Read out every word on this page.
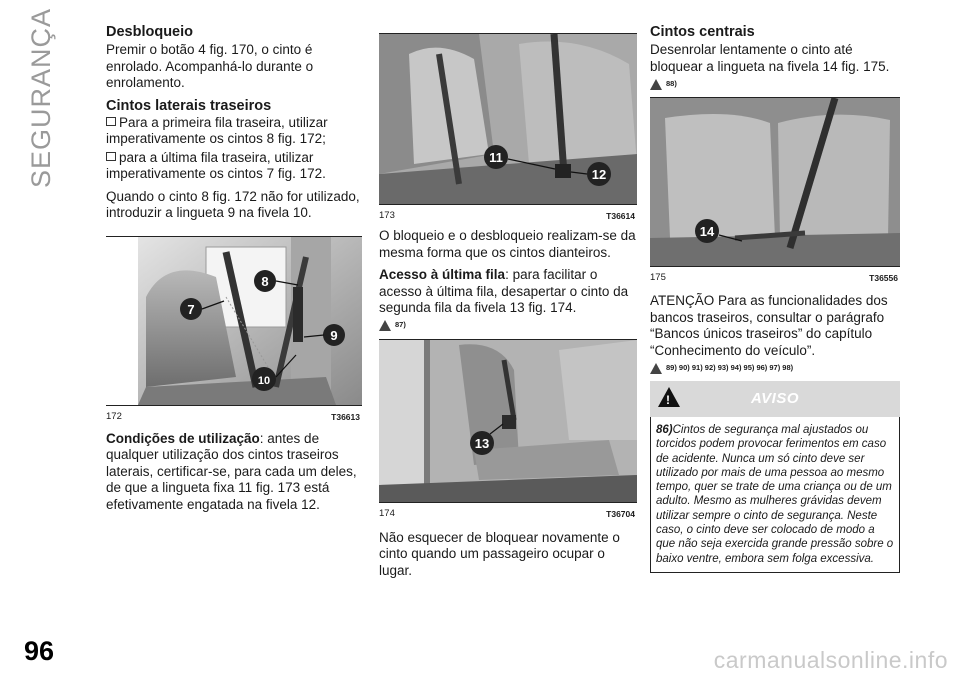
SEGURANÇA
96	carmanualsonline.info
Desbloqueio

Premir o botão 4 fig. 170, o cinto é enrolado. Acompanhá-lo durante o enrolamento.

Cintos laterais traseiros

Para a primeira fila traseira, utilizar imperativamente os cintos 8 fig. 172;

para a última fila traseira, utilizar imperativamente os cintos 7 fig. 172.

Quando o cinto 8 fig. 172 não for utilizado, introduzir a lingueta 9 na fivela 10.

8
7
9
10
172	T36613

Condições de utilização: antes de qualquer utilização dos cintos traseiros laterais, certificar-se, para cada um deles, de que a lingueta fixa 11 fig. 173 está efetivamente engatada na fivela 12.

11
12
173	T36614

O bloqueio e o desbloqueio realizam-se da mesma forma que os cintos dianteiros.

Acesso à última fila: para facilitar o acesso à última fila, desapertar o cinto da segunda fila da fivela 13 fig. 174.

87)
13
174	T36704

Não esquecer de bloquear novamente o cinto quando um passageiro ocupar o lugar.

Cintos centrais

Desenrolar lentamente o cinto até bloquear a lingueta na fivela 14 fig. 175.

88)
14
175	T36556

ATENÇÃO Para as funcionalidades dos bancos traseiros, consultar o parágrafo “Bancos únicos traseiros” do capítulo “Conhecimento do veículo”.

89) 90) 91) 92) 93) 94) 95) 96) 97) 98)
!
AVISO
86)Cintos de segurança mal ajustados ou torcidos podem provocar ferimentos em caso de acidente. Nunca um só cinto deve ser utilizado por mais de uma pessoa ao mesmo tempo, quer se trate de uma criança ou de um adulto. Mesmo as mulheres grávidas devem utilizar sempre o cinto de segurança. Neste caso, o cinto deve ser colocado de modo a que não seja exercida grande pressão sobre o baixo ventre, embora sem folga excessiva.
